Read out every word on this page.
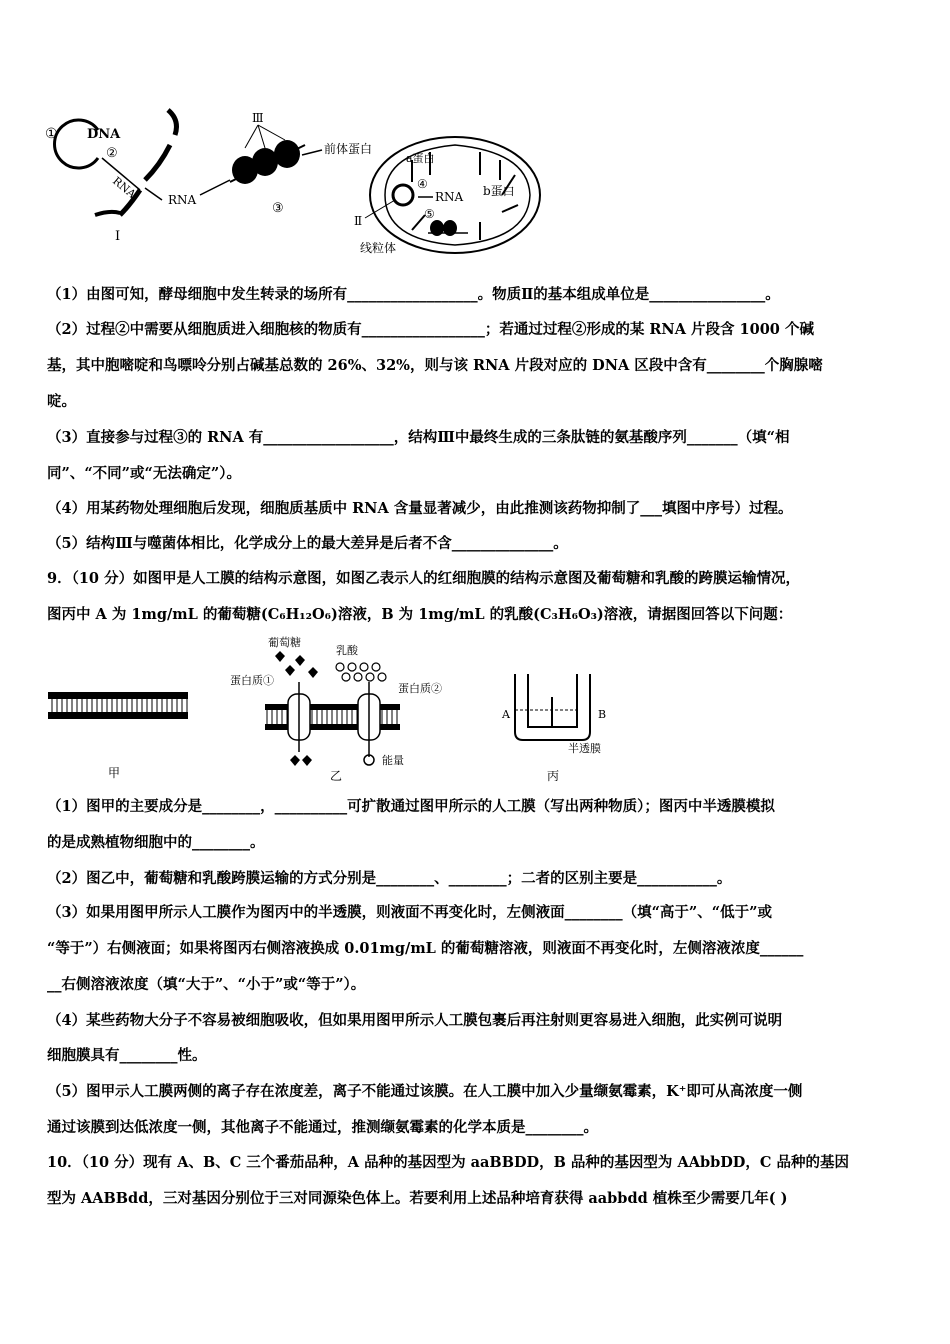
① DNA
②
RNA
I
RNA
Ⅲ
③
前体蛋白
a蛋白
④
RNA b蛋白
⑤
Ⅱ
线粒体
（1）由图可知，酵母细胞中发生转录的场所有__________________。物质Ⅱ的基本组成单位是________________。
（2）过程②中需要从细胞质进入细胞核的物质有_________________；若通过过程②形成的某 RNA 片段含 1000 个碱
基，其中胞嘧啶和鸟嘌呤分别占碱基总数的 26%、32%，则与该 RNA 片段对应的 DNA 区段中含有________个胸腺嘧
啶。
（3）直接参与过程③的 RNA 有__________________，结构Ⅲ中最终生成的三条肽链的氨基酸序列_______（填“相
同”、“不同”或“无法确定”）。
（4）用某药物处理细胞后发现，细胞质基质中 RNA 含量显著减少，由此推测该药物抑制了___填图中序号）过程。
（5）结构Ⅲ与噬菌体相比，化学成分上的最大差异是后者不含______________。
9．（10 分）如图甲是人工膜的结构示意图，如图乙表示人的红细胞膜的结构示意图及葡萄糖和乳酸的跨膜运输情况，
图丙中 A 为 1mg/mL 的葡萄糖(C₆H₁₂O₆)溶液，B 为 1mg/mL 的乳酸(C₃H₆O₃)溶液，请据图回答以下问题：
甲
葡萄糖
乳酸
蛋白质①
蛋白质②
能量
乙
A	B
半透膜
丙
（1）图甲的主要成分是________，__________可扩散通过图甲所示的人工膜（写出两种物质）；图丙中半透膜模拟
的是成熟植物细胞中的________。
（2）图乙中，葡萄糖和乳酸跨膜运输的方式分别是________、________；二者的区别主要是___________。
（3）如果用图甲所示人工膜作为图丙中的半透膜，则液面不再变化时，左侧液面________（填“高于”、“低于”或
“等于”）右侧液面；如果将图丙右侧溶液换成 0.01mg/mL 的葡萄糖溶液，则液面不再变化时，左侧溶液浓度______
__右侧溶液浓度（填“大于”、“小于”或“等于”）。
（4）某些药物大分子不容易被细胞吸收，但如果用图甲所示人工膜包裹后再注射则更容易进入细胞，此实例可说明
细胞膜具有________性。
（5）图甲示人工膜两侧的离子存在浓度差，离子不能通过该膜。在人工膜中加入少量缬氨霉素，K⁺即可从高浓度一侧
通过该膜到达低浓度一侧，其他离子不能通过，推测缬氨霉素的化学本质是________。
10．（10 分）现有 A、B、C 三个番茄品种，A 品种的基因型为 aaBBDD，B 品种的基因型为 AAbbDD，C 品种的基因
型为 AABBdd，三对基因分别位于三对同源染色体上。若要利用上述品种培育获得 aabbdd 植株至少需要几年( )
